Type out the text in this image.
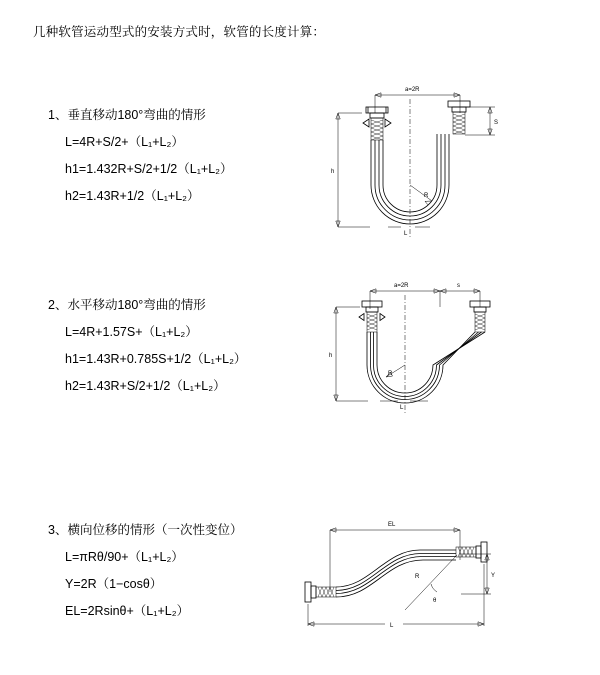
几种软管运动型式的安装方式时，软管的长度计算：
1、垂直移动180°弯曲的情形
L=4R+S/2+（L₁+L₂）
h1=1.432R+S/2+1/2（L₁+L₂）
h2=1.43R+1/2（L₁+L₂）
a=2R
h
S
R
L
2、水平移动180°弯曲的情形
L=4R+1.57S+（L₁+L₂）
h1=1.43R+0.785S+1/2（L₁+L₂）
h2=1.43R+S/2+1/2（L₁+L₂）
a=2R	s
h
R
L
3、横向位移的情形（一次性变位）
L=πRθ/90+（L₁+L₂）
Y=2R（1−cosθ）
EL=2Rsinθ+（L₁+L₂）
EL
Y
θ
R
L
